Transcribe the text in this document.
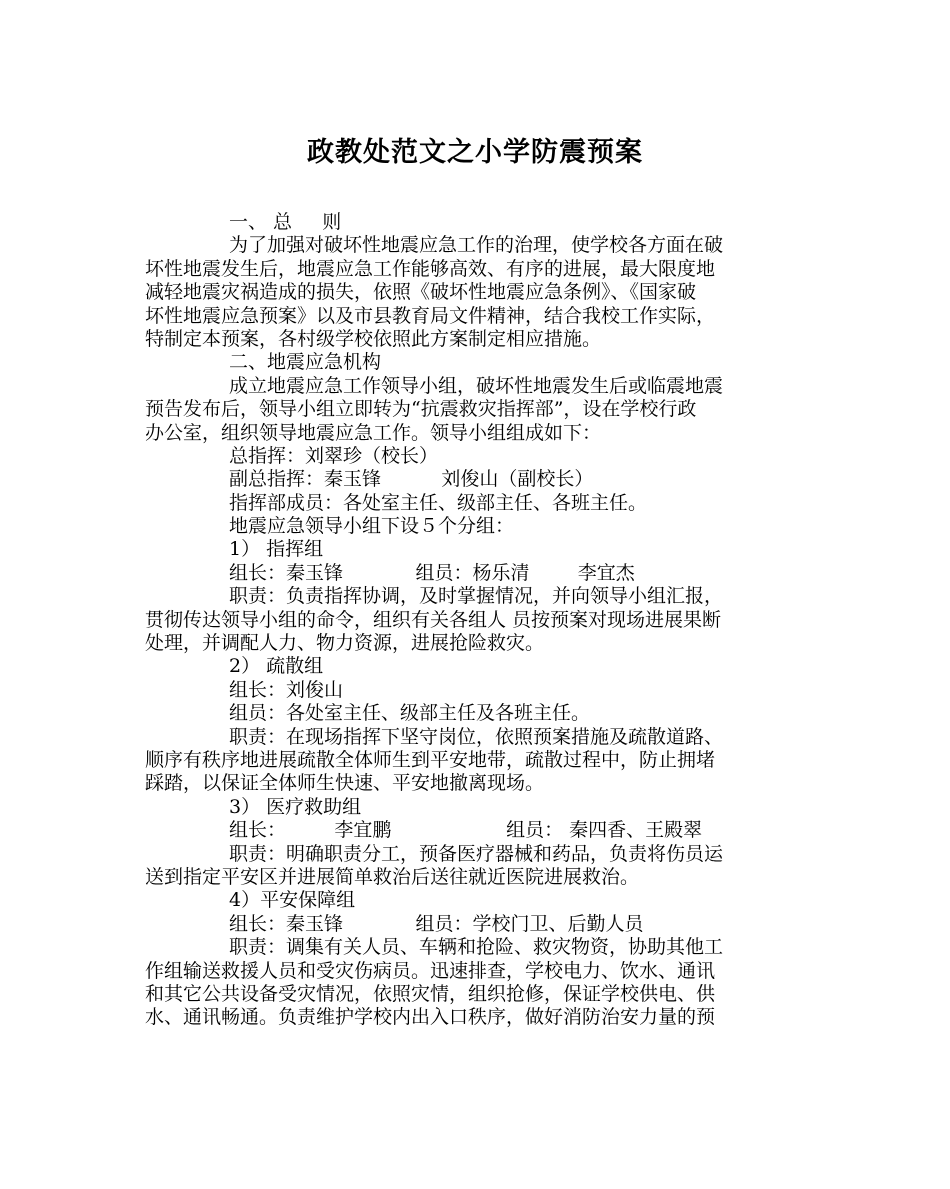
政教处范文之小学防震预案
一、 总     则
为了加强对破坏性地震应急工作的治理，使学校各方面在破
坏性地震发生后，地震应急工作能够高效、有序的进展，最大限度地
减轻地震灾祸造成的损失，依照《破坏性地震应急条例》、《国家破
坏性地震应急预案》以及市县教育局文件精神，结合我校工作实际，
特制定本预案，各村级学校依照此方案制定相应措施。
二、地震应急机构
成立地震应急工作领导小组，破坏性地震发生后或临震地震
预告发布后，领导小组立即转为“抗震救灾指挥部”，设在学校行政
办公室，组织领导地震应急工作。领导小组组成如下：
总指挥：刘翠珍（校长）
副总指挥：秦玉锋          刘俊山（副校长）
指挥部成员：各处室主任、级部主任、各班主任。
地震应急领导小组下设５个分组：
1） 指挥组
组长：秦玉锋            组员：杨乐清        李宜杰
职责：负责指挥协调，及时掌握情况，并向领导小组汇报，
贯彻传达领导小组的命令，组织有关各组人 员按预案对现场进展果断
处理，并调配人力、物力资源，进展抢险救灾。
2） 疏散组
组长：刘俊山
组员：各处室主任、级部主任及各班主任。
职责：在现场指挥下坚守岗位，依照预案措施及疏散道路、
顺序有秩序地进展疏散全体师生到平安地带，疏散过程中，防止拥堵
踩踏，以保证全体师生快速、平安地撤离现场。
3） 医疗救助组
组长：        李宜鹏                   组员： 秦四香、王殿翠
职责：明确职责分工，预备医疗器械和药品，负责将伤员运
送到指定平安区并进展简单救治后送往就近医院进展救治。
4）平安保障组
组长：秦玉锋            组员：学校门卫、后勤人员
职责：调集有关人员、车辆和抢险、救灾物资，协助其他工
作组输送救援人员和受灾伤病员。迅速排查，学校电力、饮水、通讯
和其它公共设备受灾情况，依照灾情，组织抢修，保证学校供电、供
水、通讯畅通。负责维护学校内出入口秩序，做好消防治安力量的预
